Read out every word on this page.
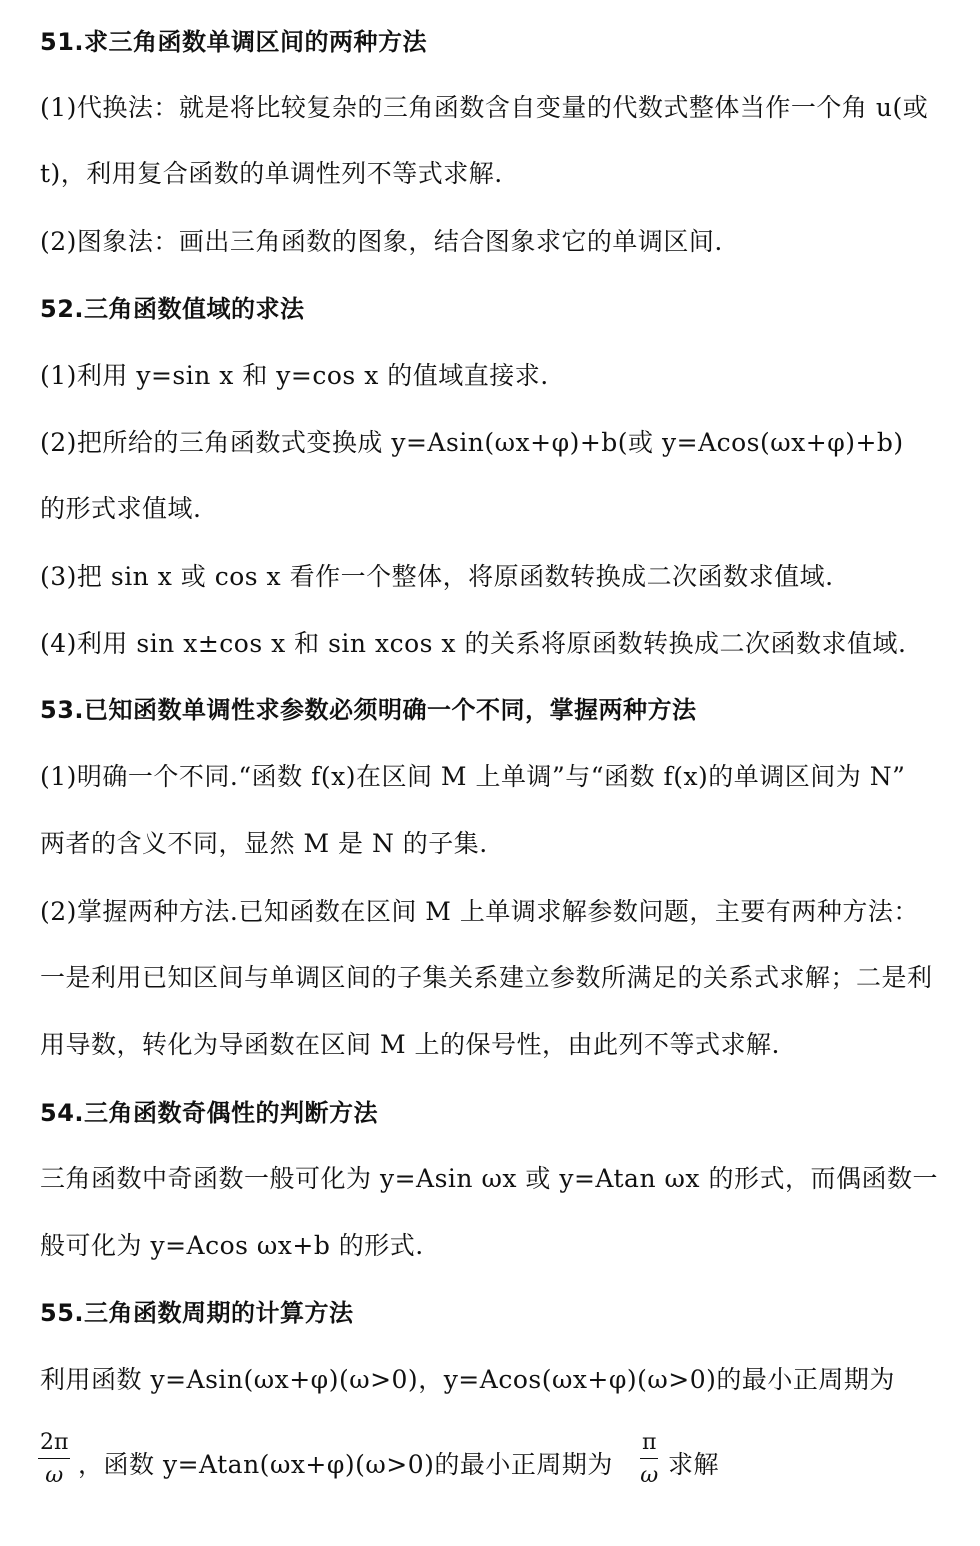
51.求三角函数单调区间的两种方法
(1)代换法：就是将比较复杂的三角函数含自变量的代数式整体当作一个角 u(或
t)，利用复合函数的单调性列不等式求解.
(2)图象法：画出三角函数的图象，结合图象求它的单调区间.
52.三角函数值域的求法
(1)利用 y=sin x 和 y=cos x 的值域直接求.
(2)把所给的三角函数式变换成 y=Asin(ωx+φ)+b(或 y=Acos(ωx+φ)+b)
的形式求值域.
(3)把 sin x 或 cos x 看作一个整体，将原函数转换成二次函数求值域.
(4)利用 sin x±cos x 和 sin xcos x 的关系将原函数转换成二次函数求值域.
53.已知函数单调性求参数必须明确一个不同，掌握两种方法
(1)明确一个不同.“函数 f(x)在区间 M 上单调”与“函数 f(x)的单调区间为 N”
两者的含义不同，显然 M 是 N 的子集.
(2)掌握两种方法.已知函数在区间 M 上单调求解参数问题，主要有两种方法：
一是利用已知区间与单调区间的子集关系建立参数所满足的关系式求解；二是利
用导数，转化为导函数在区间 M 上的保号性，由此列不等式求解.
54.三角函数奇偶性的判断方法
三角函数中奇函数一般可化为 y=Asin ωx 或 y=Atan ωx 的形式，而偶函数一
般可化为 y=Acos ωx+b 的形式.
55.三角函数周期的计算方法
利用函数 y=Asin(ωx+φ)(ω>0)，y=Acos(ωx+φ)(ω>0)的最小正周期为
$\frac{2\pi}{\omega}$ ，函数 y=Atan(ωx+φ)(ω>0)的最小正周期为	$\frac{\pi}{\omega}$ 求解
